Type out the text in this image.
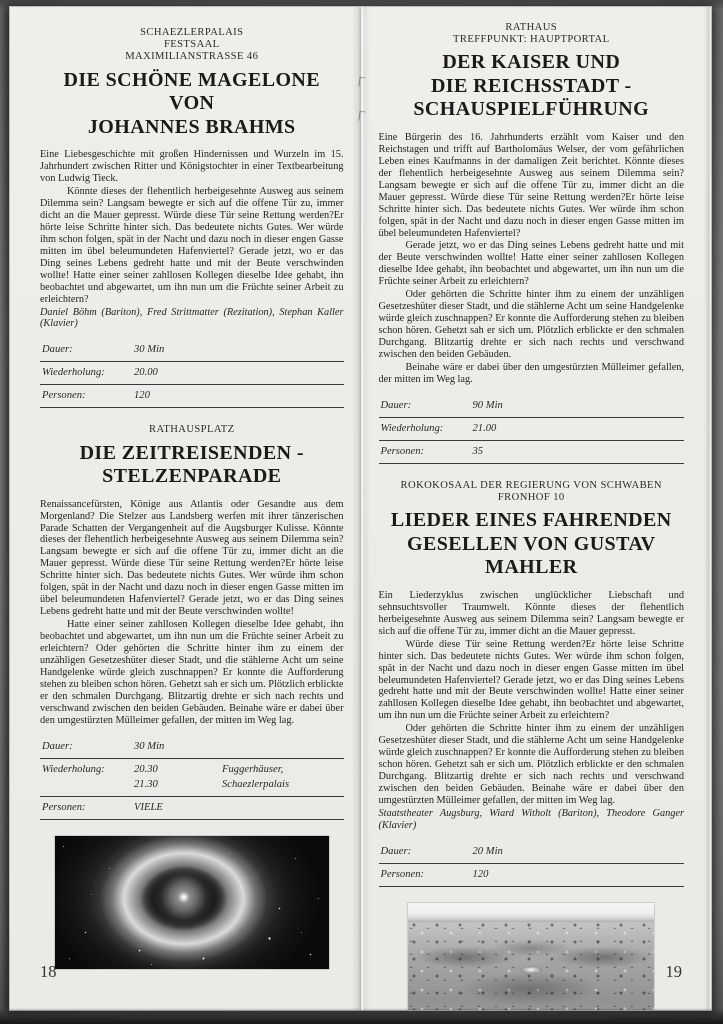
SCHAEZLERPALAIS
FESTSAAL
MAXIMILIANSTRASSE 46
DIE SCHÖNE MAGELONE VON
JOHANNES BRAHMS

Eine Liebesgeschichte mit großen Hindernissen und Wurzeln im 15. Jahrhundert zwischen Ritter und Königstochter in einer Textbearbeitung von Ludwig Tieck.

Könnte dieses der flehentlich herbeigesehnte Ausweg aus seinem Dilemma sein? Langsam bewegte er sich auf die offene Tür zu, immer dicht an die Mauer gepresst. Würde diese Tür seine Rettung werden?Er hörte leise Schritte hinter sich. Das bedeutete nichts Gutes. Wer würde ihm schon folgen, spät in der Nacht und dazu noch in dieser engen Gasse mitten im übel beleumundeten Hafenviertel? Gerade jetzt, wo er das Ding seines Lebens gedreht hatte und mit der Beute verschwinden wollte! Hatte einer seiner zahllosen Kollegen dieselbe Idee gehabt, ihn beobachtet und abgewartet, um ihn nun um die Früchte seiner Arbeit zu erleichtern?

Daniel Böhm (Bariton), Fred Strittmatter (Rezitation), Stephan Kaller (Klavier)

Dauer:	30 Min
Wiederholung:	20.00
Personen:	120
RATHAUSPLATZ
DIE ZEITREISENDEN -
STELZENPARADE

Renaissancefürsten, Könige aus Atlantis oder Gesandte aus dem Morgenland? Die Stelzer aus Landsberg werfen mit ihrer tänzerischen Parade Schatten der Vergangenheit auf die Augsburger Kulisse. Könnte dieses der flehentlich herbeigesehnte Ausweg aus seinem Dilemma sein? Langsam bewegte er sich auf die offene Tür zu, immer dicht an die Mauer gepresst. Würde diese Tür seine Rettung werden?Er hörte leise Schritte hinter sich. Das bedeutete nichts Gutes. Wer würde ihm schon folgen, spät in der Nacht und dazu noch in dieser engen Gasse mitten im übel beleumundeten Hafenviertel? Gerade jetzt, wo er das Ding seines Lebens gedreht hatte und mit der Beute verschwinden wollte!

Hatte einer seiner zahllosen Kollegen dieselbe Idee gehabt, ihn beobachtet und abgewartet, um ihn nun um die Früchte seiner Arbeit zu erleichtern? Oder gehörten die Schritte hinter ihm zu einem der unzähligen Gesetzeshüter dieser Stadt, und die stählerne Acht um seine Handgelenke würde gleich zuschnappen? Er konnte die Aufforderung stehen zu bleiben schon hören. Gehetzt sah er sich um. Plötzlich erblickte er den schmalen Durchgang. Blitzartig drehte er sich nach rechts und verschwand zwischen den beiden Gebäuden. Beinahe wäre er dabei über den umgestürzten Mülleimer gefallen, der mitten im Weg lag.

Dauer:	30 Min
Wiederholung:	20.30	Fuggerhäuser,
21.30	Schaezlerpalais
Personen:	VIELE
18
RATHAUS
TREFFPUNKT: HAUPTPORTAL
DER KAISER UND
DIE REICHSSTADT -
SCHAUSPIELFÜHRUNG

Eine Bürgerin des 16. Jahrhunderts erzählt vom Kaiser und den Reichstagen und trifft auf Bartholomäus Welser, der vom gefährlichen Leben eines Kaufmanns in der damaligen Zeit berichtet. Könnte dieses der flehentlich herbeigesehnte Ausweg aus seinem Dilemma sein? Langsam bewegte er sich auf die offene Tür zu, immer dicht an die Mauer gepresst. Würde diese Tür seine Rettung werden?Er hörte leise Schritte hinter sich. Das bedeutete nichts Gutes. Wer würde ihm schon folgen, spät in der Nacht und dazu noch in dieser engen Gasse mitten im übel beleumundeten Hafenviertel?

Gerade jetzt, wo er das Ding seines Lebens gedreht hatte und mit der Beute verschwinden wollte! Hatte einer seiner zahllosen Kollegen dieselbe Idee gehabt, ihn beobachtet und abgewartet, um ihn nun um die Früchte seiner Arbeit zu erleichtern?

Oder gehörten die Schritte hinter ihm zu einem der unzähligen Gesetzeshüter dieser Stadt, und die stählerne Acht um seine Handgelenke würde gleich zuschnappen? Er konnte die Aufforderung stehen zu bleiben schon hören. Gehetzt sah er sich um. Plötzlich erblickte er den schmalen Durchgang. Blitzartig drehte er sich nach rechts und verschwand zwischen den beiden Gebäuden.

Beinahe wäre er dabei über den umgestürzten Mülleimer gefallen, der mitten im Weg lag.

Dauer:	90 Min
Wiederholung:	21.00
Personen:	35
ROKOKOSAAL DER REGIERUNG VON SCHWABEN
FRONHOF 10
LIEDER EINES FAHRENDEN
GESELLEN VON GUSTAV
MAHLER

Ein Liederzyklus zwischen unglücklicher Liebschaft und sehnsuchtsvoller Traumwelt. Könnte dieses der flehentlich herbeigesehnte Ausweg aus seinem Dilemma sein? Langsam bewegte er sich auf die offene Tür zu, immer dicht an die Mauer gepresst.

Würde diese Tür seine Rettung werden?Er hörte leise Schritte hinter sich. Das bedeutete nichts Gutes. Wer würde ihm schon folgen, spät in der Nacht und dazu noch in dieser engen Gasse mitten im übel beleumundeten Hafenviertel? Gerade jetzt, wo er das Ding seines Lebens gedreht hatte und mit der Beute verschwinden wollte! Hatte einer seiner zahllosen Kollegen dieselbe Idee gehabt, ihn beobachtet und abgewartet, um ihn nun um die Früchte seiner Arbeit zu erleichtern?

Oder gehörten die Schritte hinter ihm zu einem der unzähligen Gesetzeshüter dieser Stadt, und die stählerne Acht um seine Handgelenke würde gleich zuschnappen? Er konnte die Aufforderung stehen zu bleiben schon hören. Gehetzt sah er sich um. Plötzlich erblickte er den schmalen Durchgang. Blitzartig drehte er sich nach rechts und verschwand zwischen den beiden Gebäuden. Beinahe wäre er dabei über den umgestürzten Mülleimer gefallen, der mitten im Weg lag.

Staatstheater Augsburg, Wiard Witholt (Bariton), Theodore Ganger (Klavier)

Dauer:	20 Min
Personen:	120
19
